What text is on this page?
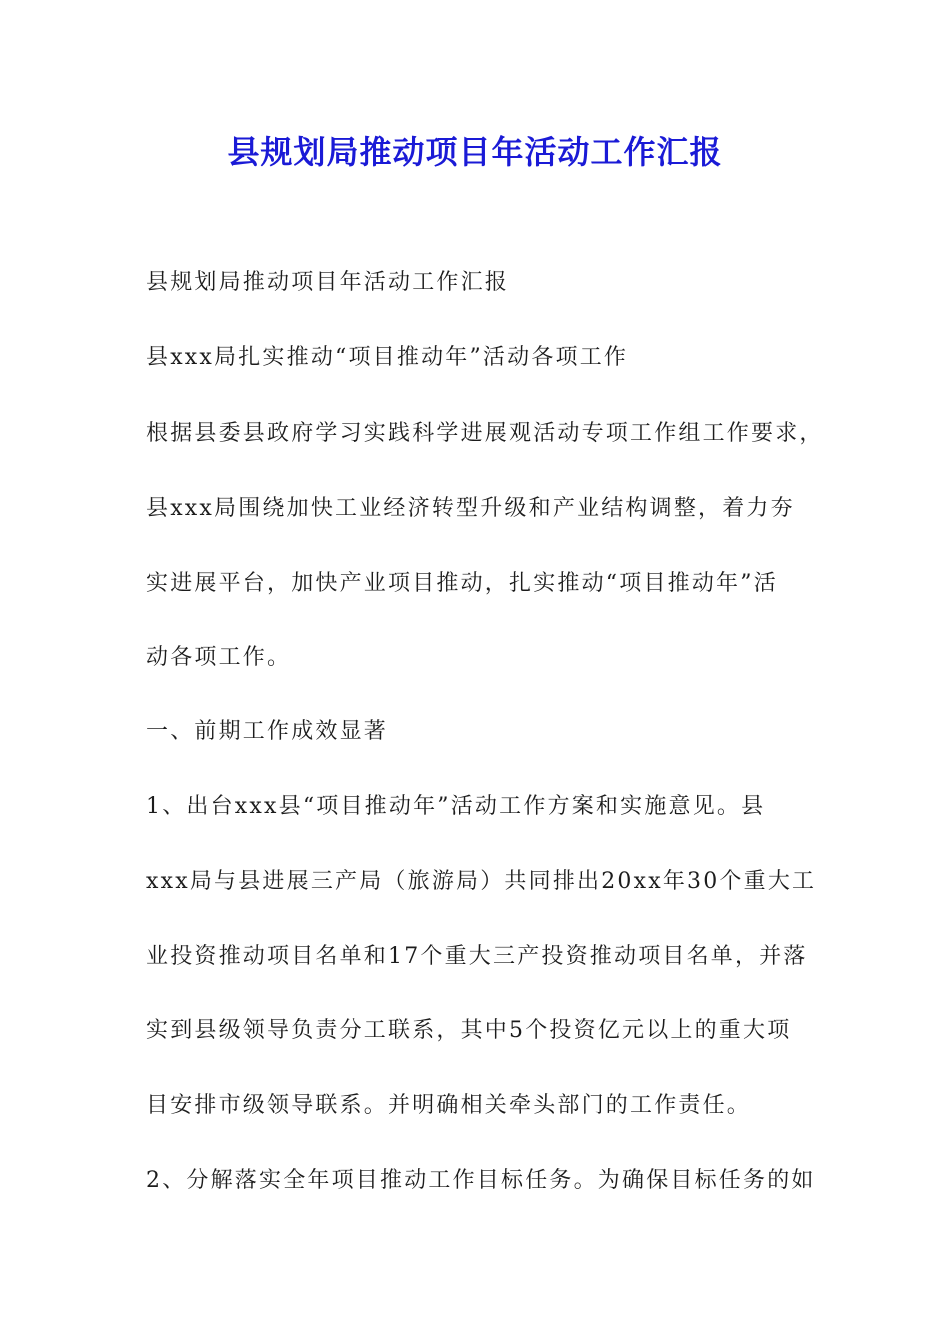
县规划局推动项目年活动工作汇报
县规划局推动项目年活动工作汇报
县xxx局扎实推动“项目推动年”活动各项工作
根据县委县政府学习实践科学进展观活动专项工作组工作要求，
县xxx局围绕加快工业经济转型升级和产业结构调整，着力夯
实进展平台，加快产业项目推动，扎实推动“项目推动年”活
动各项工作。
一、前期工作成效显著
1、出台xxx县“项目推动年”活动工作方案和实施意见。县
xxx局与县进展三产局（旅游局）共同排出20xx年30个重大工
业投资推动项目名单和17个重大三产投资推动项目名单，并落
实到县级领导负责分工联系，其中5个投资亿元以上的重大项
目安排市级领导联系。并明确相关牵头部门的工作责任。
2、分解落实全年项目推动工作目标任务。为确保目标任务的如
